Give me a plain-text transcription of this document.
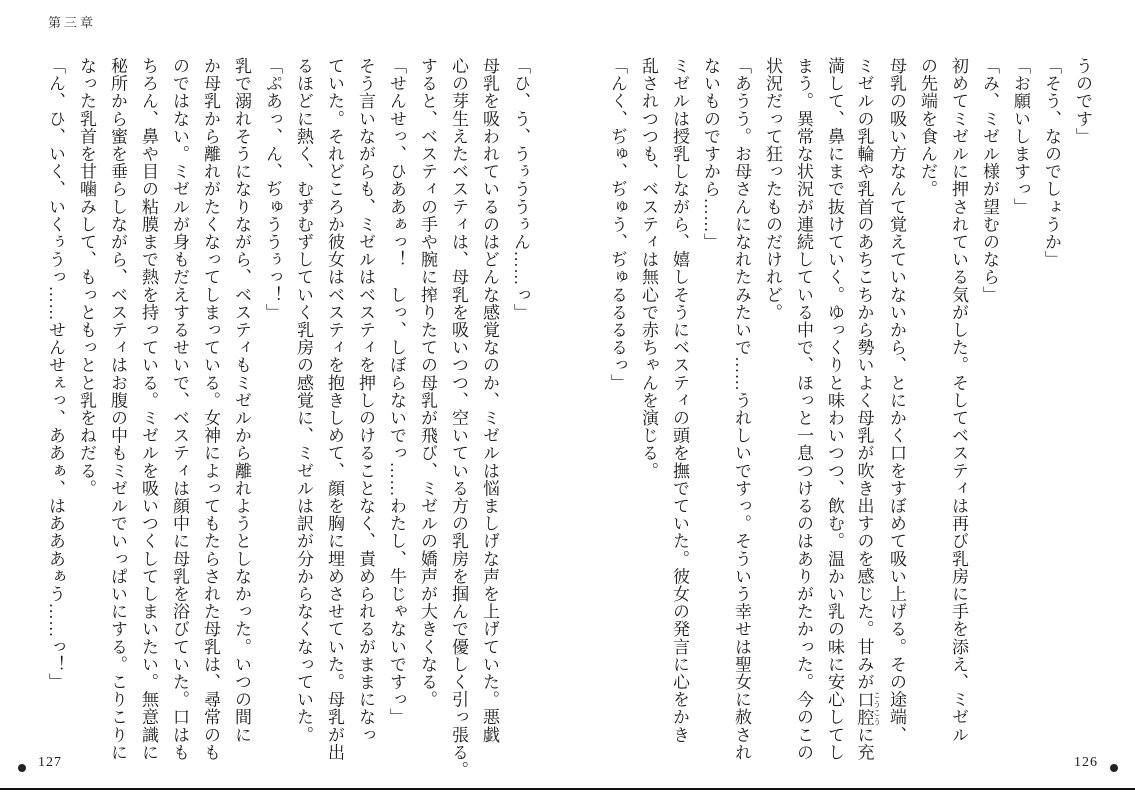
第三章
うのです」
「そう、なのでしょうか」
「お願いしますっ」
「み、ミゼル様が望むのなら」
初めてミゼルに押されている気がした。そしてベスティは再び乳房に手を添え、ミゼル
の先端を食んだ。
母乳の吸い方なんて覚えていないから、とにかく口をすぼめて吸い上げる。その途端、
ミゼルの乳輪や乳首のあちこちから勢いよく母乳が吹き出すのを感じた。甘みが口腔 こうこうに充
満して、鼻にまで抜けていく。ゆっくりと味わいつつ、飲む。温かい乳の味に安心してし
まう。異常な状況が連続している中で、ほっと一息つけるのはありがたかった。今のこの
状況だって狂ったものだけれど。
「あうう。お母さんになれたみたいで……うれしいですっ。そういう幸せは聖女に赦され
ないものですから……」
ミゼルは授乳しながら、嬉しそうにベスティの頭を撫でていた。彼女の発言に心をかき
乱されつつも、ベスティは無心で赤ちゃんを演じる。
「んく、ぢゅ、ぢゅう、ぢゅるるるるっ」
「ひ、う、うぅううぅん……っ」
母乳を吸われているのはどんな感覚なのか、ミゼルは悩ましげな声を上げていた。悪戯
心の芽生えたベスティは、母乳を吸いつつ、空いている方の乳房を掴んで優しく引っ張る。
すると、ベスティの手や腕に搾りたての母乳が飛び、ミゼルの嬌声が大きくなる。
「せんせっ、ひああぁっ！　しっ、しぼらないでっ……わたし、牛じゃないですっ」
そう言いながらも、ミゼルはベスティを押しのけることなく、責められるがままになっ
ていた。それどころか彼女はベスティを抱きしめて、顔を胸に埋めさせていた。母乳が出
るほどに熱く、むずむずしていく乳房の感覚に、ミゼルは訳が分からなくなっていた。
「ぷあっ、ん、ぢゅううぅっ！」
乳で溺れそうになりながら、ベスティもミゼルから離れようとしなかった。いつの間に
か母乳から離れがたくなってしまっている。女神によってもたらされた母乳は、尋常のも
のではない。ミゼルが身もだえするせいで、ベスティは顔中に母乳を浴びていた。口はも
ちろん、鼻や目の粘膜まで熱を持っている。ミゼルを吸いつくしてしまいたい。無意識に
秘所から蜜を垂らしながら、ベスティはお腹の中もミゼルでいっぱいにする。こりこりに
なった乳首を甘噛みして、もっともっとと乳をねだる。
「ん、ひ、いく、いくぅうっ……せんせぇっ、ああぁ、はあああぁう……っ！」
126
127
